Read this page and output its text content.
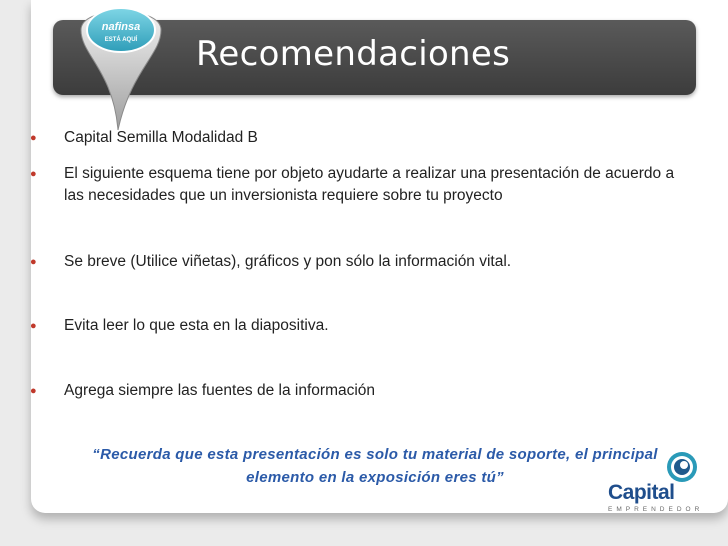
Recomendaciones
nafinsa
ESTÁ AQUÍ
● Capital Semilla Modalidad B
● El siguiente esquema tiene por objeto ayudarte a realizar una presentación de acuerdo a las necesidades que un inversionista requiere sobre tu proyecto
● Se breve (Utilice viñetas), gráficos y pon sólo la información vital.
● Evita leer lo que esta en la diapositiva.
● Agrega siempre las fuentes de la información
“Recuerda que esta presentación es solo tu material de soporte, el principal
elemento en la exposición eres tú”
Capital
EMPRENDEDOR
